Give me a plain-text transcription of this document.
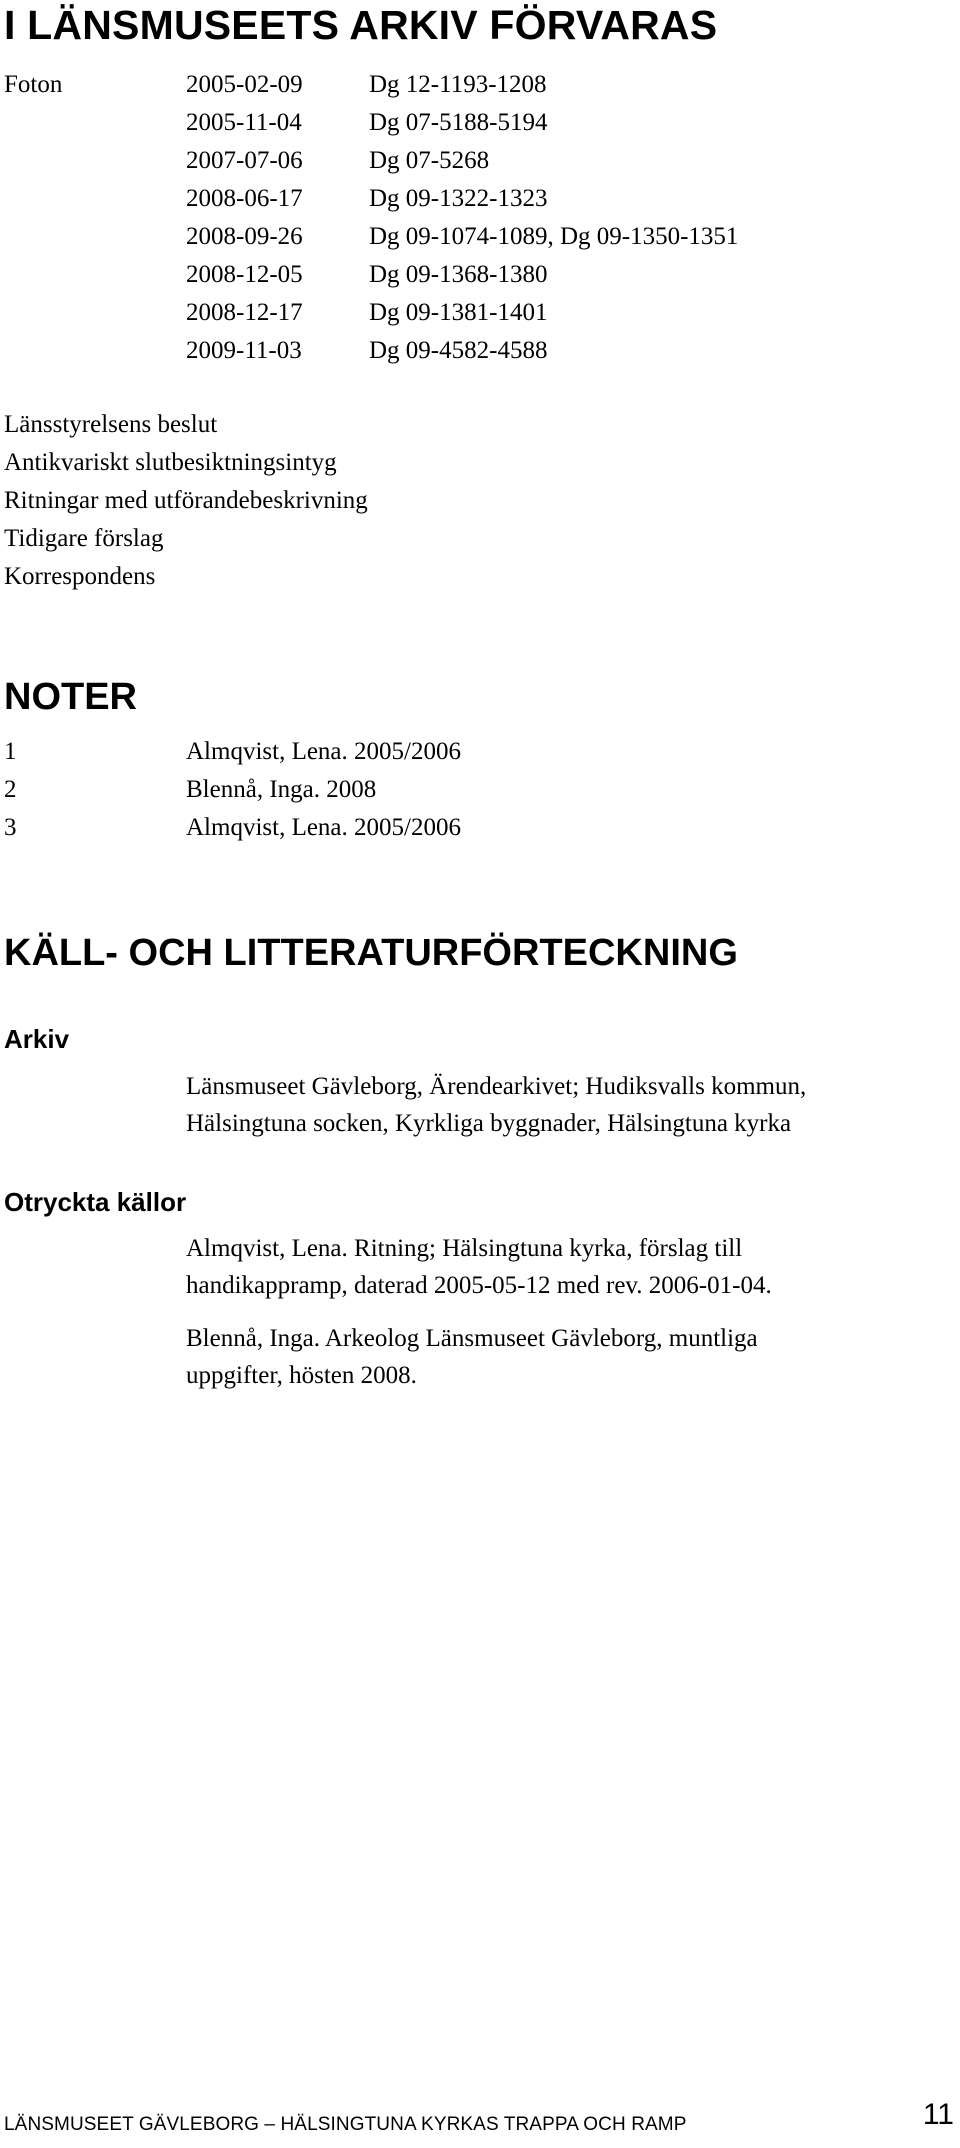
I LÄNSMUSEETS ARKIV FÖRVARAS
Foton	2005-02-09	Dg 12-1193-1208
2005-11-04	Dg 07-5188-5194
2007-07-06	Dg 07-5268
2008-06-17	Dg 09-1322-1323
2008-09-26	Dg 09-1074-1089, Dg 09-1350-1351
2008-12-05	Dg 09-1368-1380
2008-12-17	Dg 09-1381-1401
2009-11-03	Dg 09-4582-4588
Länsstyrelsens beslut
Antikvariskt slutbesiktningsintyg
Ritningar med utförandebeskrivning
Tidigare förslag
Korrespondens
NOTER
1	Almqvist, Lena. 2005/2006
2	Blennå, Inga. 2008
3	Almqvist, Lena. 2005/2006
KÄLL- OCH LITTERATURFÖRTECKNING
Arkiv
Länsmuseet Gävleborg, Ärendearkivet; Hudiksvalls kommun,
Hälsingtuna socken, Kyrkliga byggnader, Hälsingtuna kyrka
Otryckta källor
Almqvist, Lena. Ritning; Hälsingtuna kyrka, förslag till
handikappramp, daterad 2005-05-12 med rev. 2006-01-04.
Blennå, Inga. Arkeolog Länsmuseet Gävleborg, muntliga
uppgifter, hösten 2008.
LÄNSMUSEET GÄVLEBORG – HÄLSINGTUNA KYRKAS TRAPPA OCH RAMP	11
